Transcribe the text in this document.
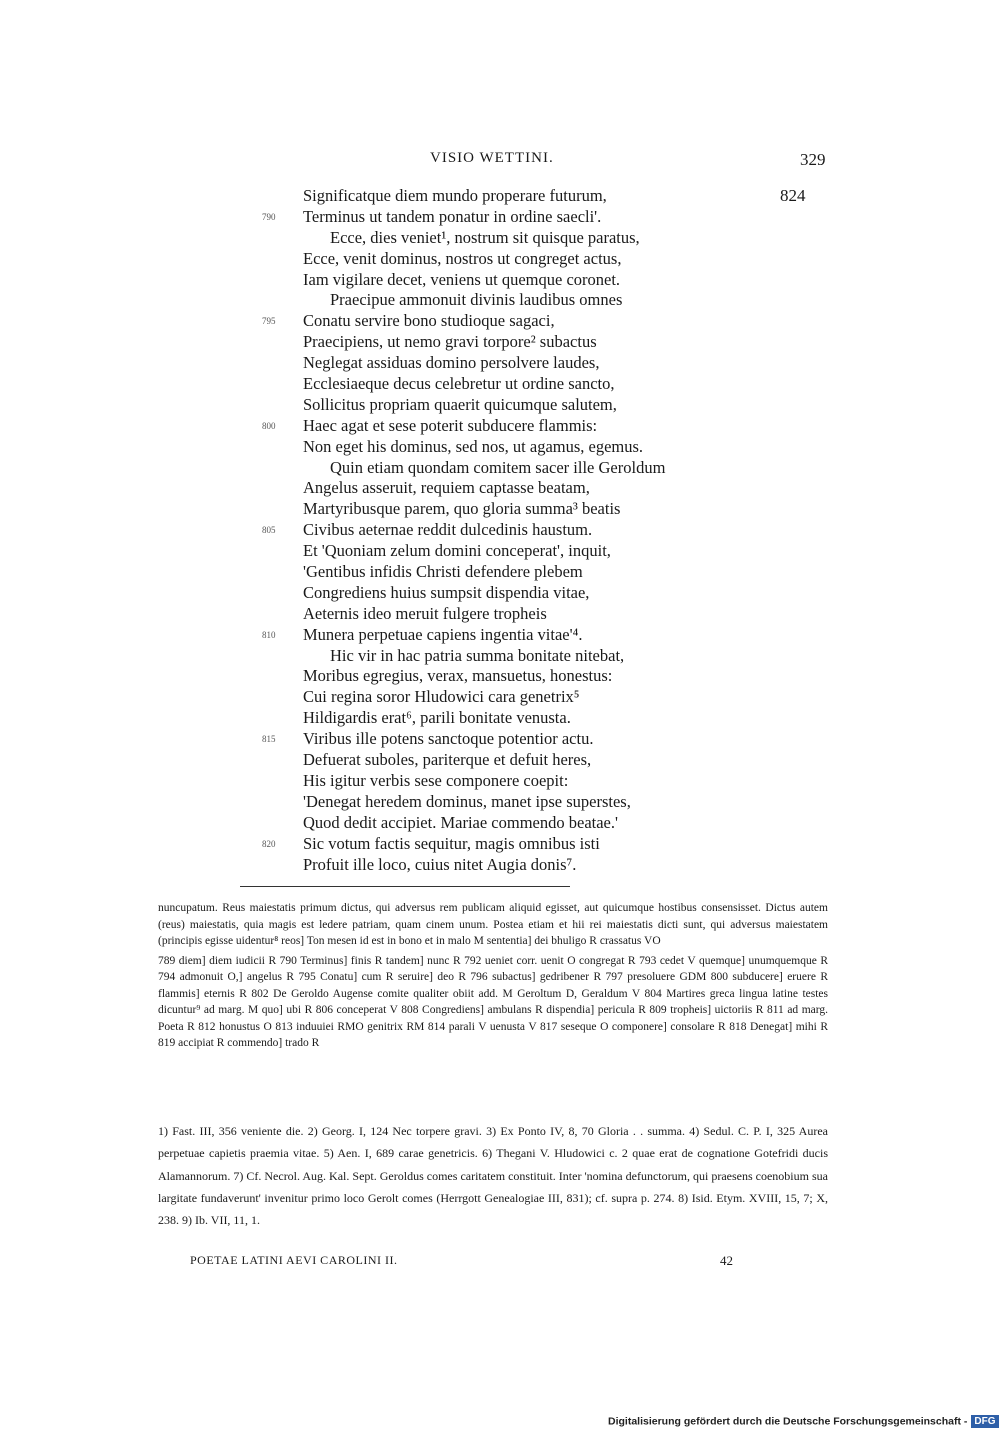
VISIO WETTINI.	329
824
Significatque diem mundo properare futurum,
790 Terminus ut tandem ponatur in ordine saecli'.
Ecce, dies veniet¹, nostrum sit quisque paratus,
Ecce, venit dominus, nostros ut congreget actus,
Iam vigilare decet, veniens ut quemque coronet.
Praecipue ammonuit divinis laudibus omnes
795 Conatu servire bono studioque sagaci,
Praecipiens, ut nemo gravi torpore² subactus
Neglegat assiduas domino persolvere laudes,
Ecclesiaeque decus celebretur ut ordine sancto,
Sollicitus propriam quaerit quicumque salutem,
800 Haec agat et sese poterit subducere flammis:
Non eget his dominus, sed nos, ut agamus, egemus.
Quin etiam quondam comitem sacer ille Geroldum
Angelus asseruit, requiem captasse beatam,
Martyribusque parem, quo gloria summa³ beatis
805 Civibus aeternae reddit dulcedinis haustum.
Et 'Quoniam zelum domini conceperat', inquit,
'Gentibus infidis Christi defendere plebem
Congrediens huius sumpsit dispendia vitae,
Aeternis ideo meruit fulgere tropheis
810 Munera perpetuae capiens ingentia vitae'⁴.
Hic vir in hac patria summa bonitate nitebat,
Moribus egregius, verax, mansuetus, honestus:
Cui regina soror Hludowici cara genetrix⁵
Hildigardis erat⁶, parili bonitate venusta.
815 Viribus ille potens sanctoque potentior actu.
Defuerat suboles, pariterque et defuit heres,
His igitur verbis sese componere coepit:
'Denegat heredem dominus, manet ipse superstes,
Quod dedit accipiet. Mariae commendo beatae.'
820 Sic votum factis sequitur, magis omnibus isti
Profuit ille loco, cuius nitet Augia donis⁷.

nuncupatum. Reus maiestatis primum dictus, qui adversus rem publicam aliquid egisset, aut quicumque hostibus consensisset. Dictus autem (reus) maiestatis, quia magis est ledere patriam, quam cinem unum. Postea etiam et hii rei maiestatis dicti sunt, qui adversus maiestatem (principis egisse uidentur⁸ reos] Ton mesen id est in bono et in malo M sententia] dei bhuligo R crassatus VO

789 diem] diem iudicii R 790 Terminus] finis R tandem] nunc R 792 ueniet corr. uenit O congregat R 793 cedet V quemque] unumquemque R 794 admonuit O,] angelus R 795 Conatu] cum R seruire] deo R 796 subactus] gedribener R 797 presoluere GDM 800 subducere] eruere R flammis] eternis R 802 De Geroldo Augense comite qualiter obiit add. M Geroltum D, Geraldum V 804 Martires greca lingua latine testes dicuntur⁹ ad marg. M quo] ubi R 806 conceperat V 808 Congrediens] ambulans R dispendia] pericula R 809 tropheis] uictoriis R 811 ad marg. Poeta R 812 honustus O 813 induuiei RMO genitrix RM 814 parali V uenusta V 817 seseque O componere] consolare R 818 Denegat] mihi R 819 accipiat R commendo] trado R

1) Fast. III, 356 veniente die. 2) Georg. I, 124 Nec torpere gravi. 3) Ex Ponto IV, 8, 70 Gloria . . summa. 4) Sedul. C. P. I, 325 Aurea perpetuae capietis praemia vitae. 5) Aen. I, 689 carae genetricis. 6) Thegani V. Hludowici c. 2 quae erat de cognatione Gotefridi ducis Alamannorum. 7) Cf. Necrol. Aug. Kal. Sept. Geroldus comes caritatem constituit. Inter 'nomina defunctorum, qui praesens coenobium sua largitate fundaverunt' invenitur primo loco Gerolt comes (Herrgott Genealogiae III, 831); cf. supra p. 274. 8) Isid. Etym. XVIII, 15, 7; X, 238. 9) Ib. VII, 11, 1.

POETAE LATINI AEVI CAROLINI II.	42
Digitalisierung gefördert durch die Deutsche Forschungsgemeinschaft - DFG
